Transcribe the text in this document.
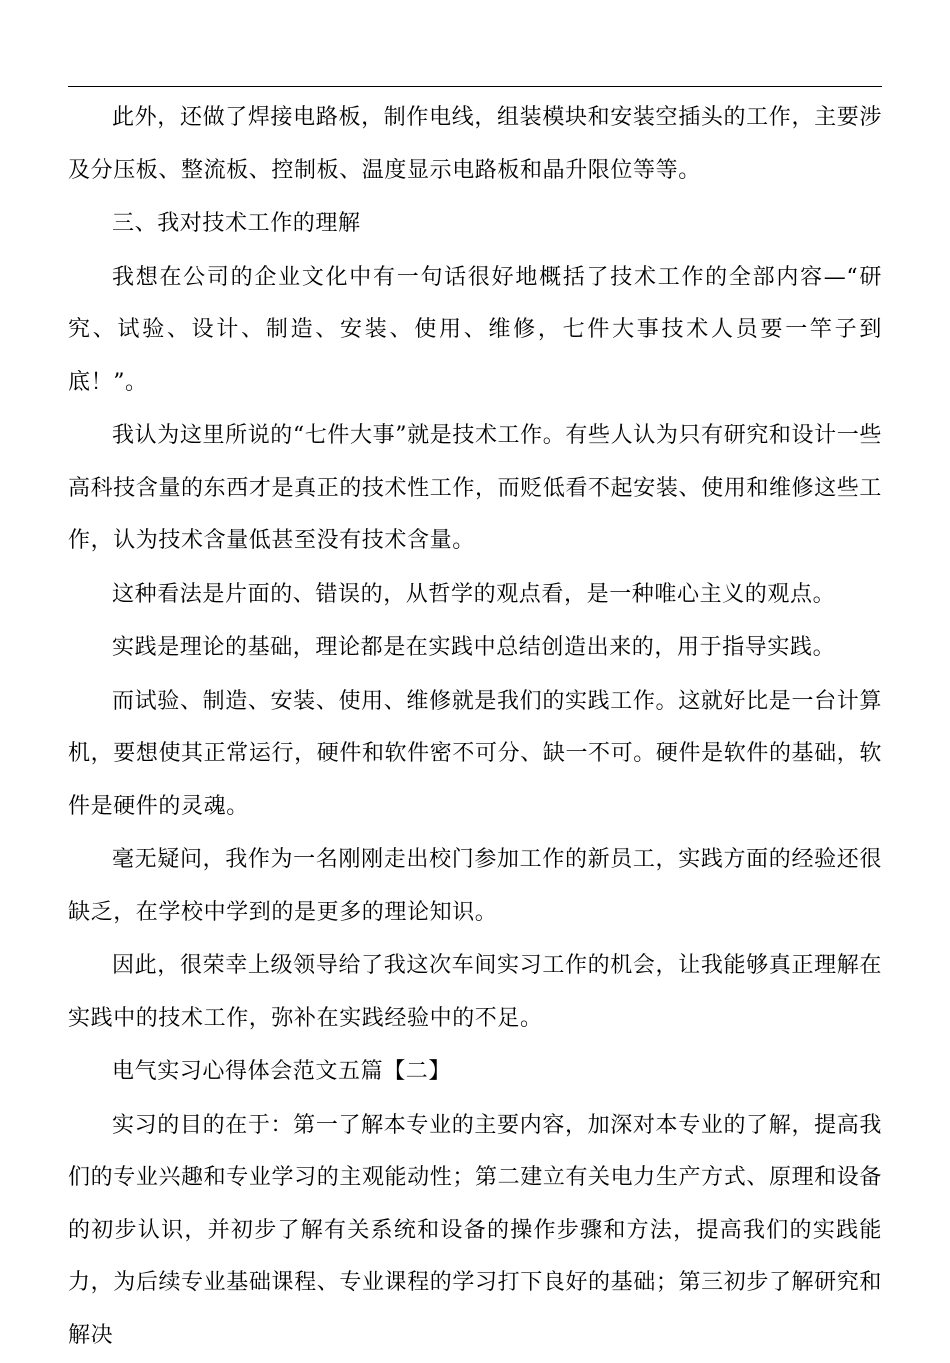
此外，还做了焊接电路板，制作电线，组装模块和安装空插头的工作，主要涉及分压板、整流板、控制板、温度显示电路板和晶升限位等等。

三、我对技术工作的理解

我想在公司的企业文化中有一句话很好地概括了技术工作的全部内容—“研究、试验、设计、制造、安装、使用、维修，七件大事技术人员要一竿子到底！”。

我认为这里所说的“七件大事”就是技术工作。有些人认为只有研究和设计一些高科技含量的东西才是真正的技术性工作，而贬低看不起安装、使用和维修这些工作，认为技术含量低甚至没有技术含量。

这种看法是片面的、错误的，从哲学的观点看，是一种唯心主义的观点。

实践是理论的基础，理论都是在实践中总结创造出来的，用于指导实践。

而试验、制造、安装、使用、维修就是我们的实践工作。这就好比是一台计算机，要想使其正常运行，硬件和软件密不可分、缺一不可。硬件是软件的基础，软件是硬件的灵魂。

毫无疑问，我作为一名刚刚走出校门参加工作的新员工，实践方面的经验还很缺乏，在学校中学到的是更多的理论知识。

因此，很荣幸上级领导给了我这次车间实习工作的机会，让我能够真正理解在实践中的技术工作，弥补在实践经验中的不足。

电气实习心得体会范文五篇【二】

实习的目的在于：第一了解本专业的主要内容，加深对本专业的了解，提高我们的专业兴趣和专业学习的主观能动性；第二建立有关电力生产方式、原理和设备的初步认识，并初步了解有关系统和设备的操作步骤和方法，提高我们的实践能力，为后续专业基础课程、专业课程的学习打下良好的基础；第三初步了解研究和解决
